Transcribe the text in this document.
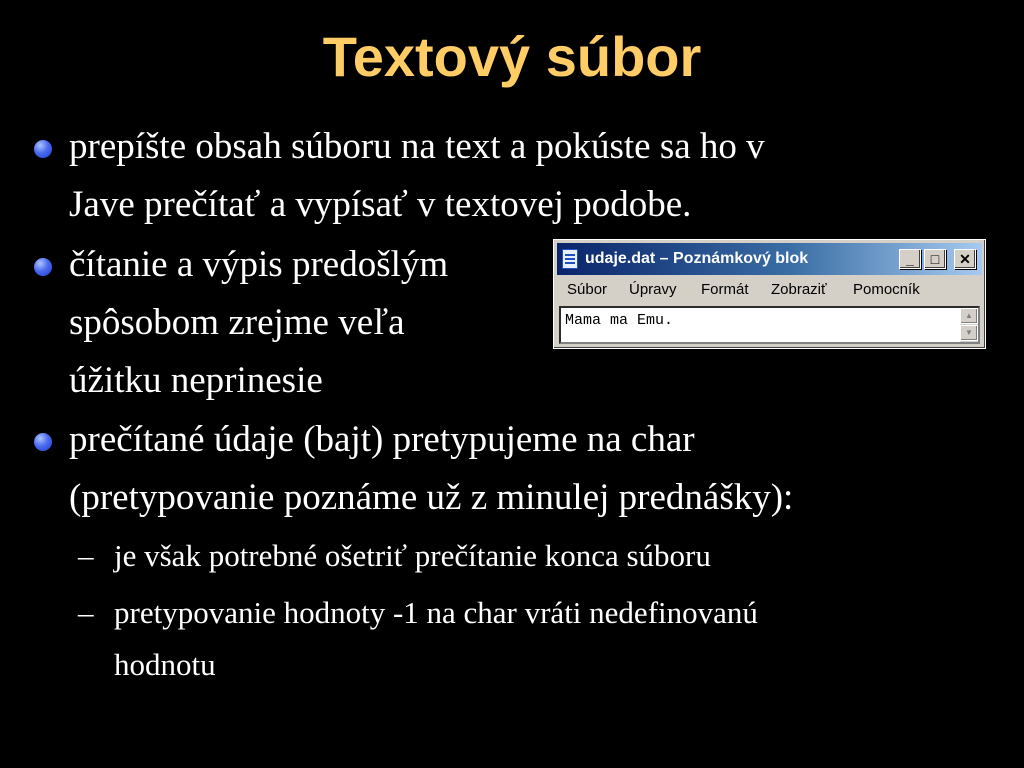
Textový súbor
prepíšte obsah súboru na text a pokúste sa ho v
Jave prečítať a vypísať v textovej podobe.
čítanie a výpis predošlým
spôsobom zrejme veľa
úžitku neprinesie
prečítané údaje (bajt) pretypujeme na char
(pretypovanie poznáme už z minulej prednášky):
– je však potrebné ošetriť prečítanie konca súboru
– pretypovanie hodnoty -1 na char vráti nedefinovanú
hodnotu
udaje.dat – Poznámkový blok	_	□	✕
Súbor Úpravy Formát Zobraziť Pomocník
Mama ma Emu.	▲
▼
